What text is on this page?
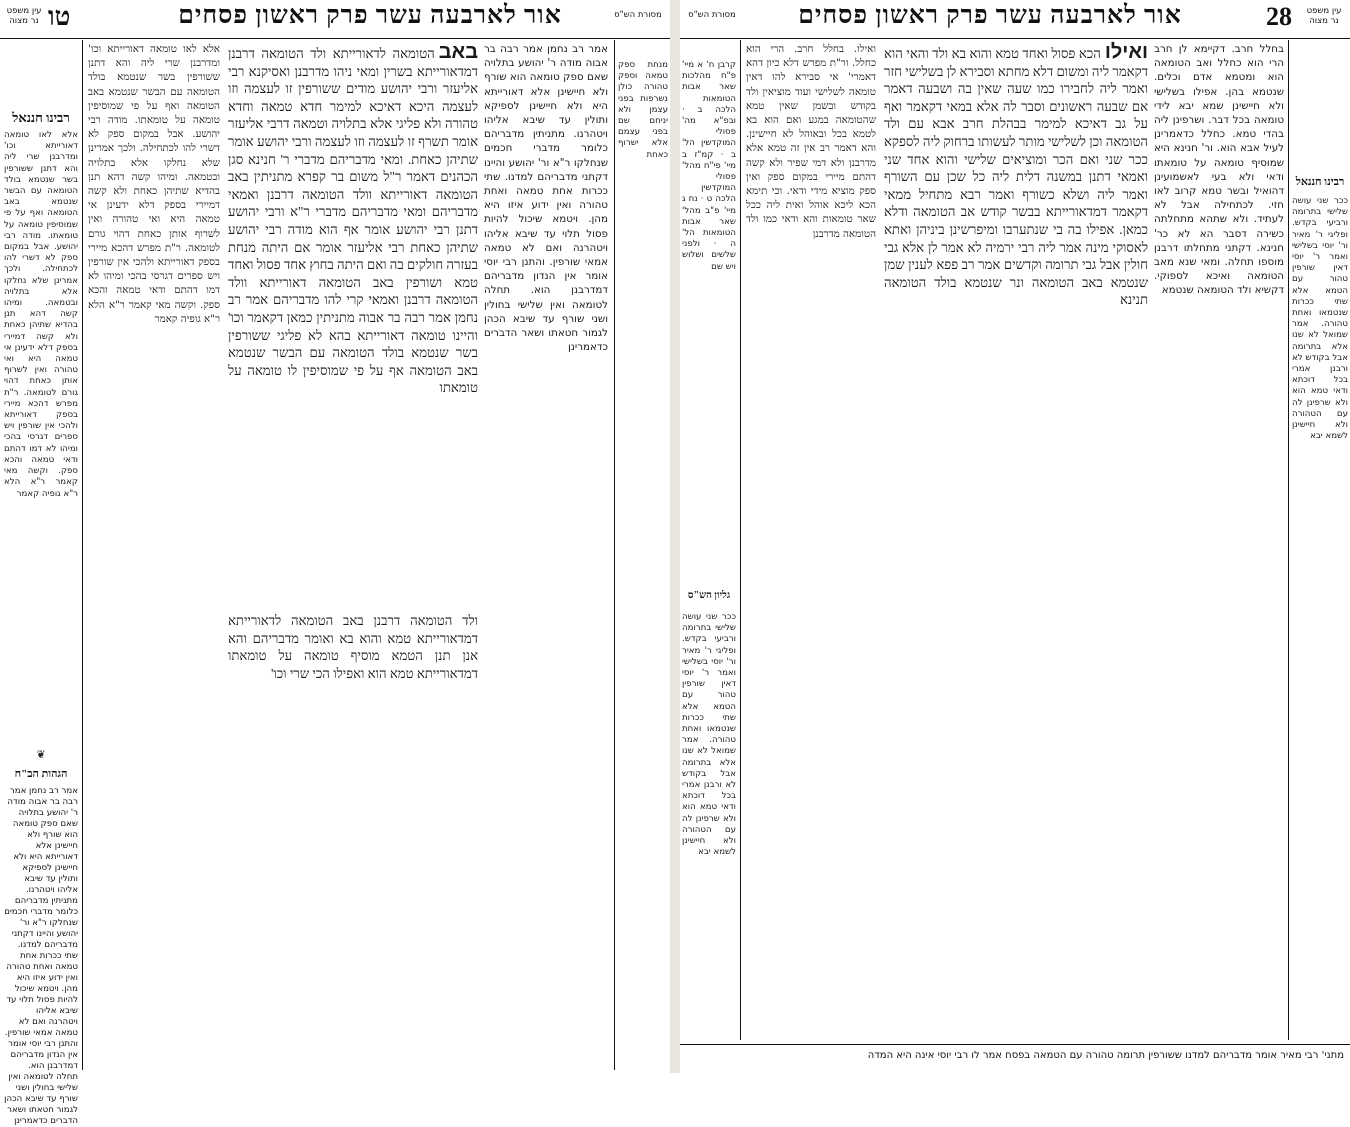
עין משפט נר מצוה טו	אור לארבעה עשר פרק ראשון פסחים	מסורת הש"ס
רבינו חננאל
אלא לאו טומאה דאורייתא וכו' ומדרבנן שרי ליה והא דתנן ששורפין בשר שנטמא בולד הטומאה עם הבשר שנטמא באב הטומאה ואף על פי שמוסיפין טומאה על טומאתו. מודה רבי יהושע. אבל במקום ספק לא דשרי להו לכתחילה. ולכך אמרינן שלא נחלקו אלא בתלויה ובטמאה. ומיהו קשה דהא תנן בהדיא שתיהן כאחת ולא קשה דמיירי בספק דלא ידעינן אי טמאה היא ואי טהורה ואין לשרוף אותן כאחת דהוי גורם לטומאה. ר"ת מפרש דהכא מיירי בספק דאורייתא ולהכי אין שורפין ויש ספרים דגרסי בהכי ומיהו לא דמו דהתם ודאי טמאה והכא ספק. וקשה מאי קאמר ר"א הלא ר"א גופיה קאמר
❦
הגהות הב"ח
אמר רב נחמן אמר רבה בר אבוה מודה ר' יהושע בתלויה שאם ספק טומאה הוא שורף ולא חיישינן אלא דאורייתא היא ולא חיישינן לספיקא ותולין עד שיבא אליהו ויטהרנו. מתניתין מדבריהם כלומר מדברי חכמים שנחלקו ר"א ור' יהושע והיינו דקתני מדבריהם למדנו. שתי ככרות אחת טמאה ואחת טהורה ואין ידוע איזו היא מהן. ויטמא שיכול להיות פסול תלוי עד שיבא אליהו ויטהרנה ואם לא טמאה אמאי שורפין. והתנן רבי יוסי אומר אין הנדון מדבריהם דמדרבנן הוא. תחלה לטומאה ואין שלישי בחולין ושני שורף עד שיבא הכהן לגמור חטאתו ושאר הדברים כדאמרינן
אלא לאו טומאה דאורייתא וכו' ומדרבנן שרי ליה והא דתנן ששורפין בשר שנטמא בולד הטומאה עם הבשר שנטמא באב הטומאה ואף על פי שמוסיפין טומאה על טומאתו. מודה רבי יהושע. אבל במקום ספק לא דשרי להו לכתחילה. ולכך אמרינן שלא נחלקו אלא בתלויה ובטמאה. ומיהו קשה דהא תנן בהדיא שתיהן כאחת ולא קשה דמיירי בספק דלא ידעינן אי טמאה היא ואי טהורה ואין לשרוף אותן כאחת דהוי גורם לטומאה. ר"ת מפרש דהכא מיירי בספק דאורייתא ולהכי אין שורפין ויש ספרים דגרסי בהכי ומיהו לא דמו דהתם ודאי טמאה והכא ספק. וקשה מאי קאמר ר"א הלא ר"א גופיה קאמר
באבהטומאה לדאורייתא ולד הטומאה דרבנן דמדאורייתא בשרין ומאי ניהו מדרבנן ואסיקנא רבי אליעזר ורבי יהושע מודים ששורפין זו לעצמה וזו לעצמה היכא דאיכא למימר חדא טמאה וחדא טהורה ולא פליגי אלא בתלויה וטמאה דרבי אליעזר אומר תשרף זו לעצמה וזו לעצמה ורבי יהושע אומר שתיהן כאחת. ומאי מדבריהם מדברי ר' חנינא סגן הכהנים דאמר ר"ל משום בר קפרא מתניתין באב הטומאה דאורייתא וולד הטומאה דרבנן ואמאי מדבריהם ומאי מדבריהם מדברי ר"א ורבי יהושע דתנן רבי יהושע אומר אף הוא מודה רבי יהושע שתיהן כאחת רבי אליעזר אומר אם היתה מנחת בעזרה חולקים בה ואם היתה בחוץ אחד פסול ואחד טמא ושורפין באב הטומאה דאורייתא וולד הטומאה דרבנן ואמאי קרי להו מדבריהם אמר רב נחמן אמר רבה בר אבוה מתניתין כמאן דקאמר וכו' והיינו טומאה דאורייתא בהא לא פליגי ששורפין בשר שנטמא בולד הטומאה עם הבשר שנטמא באב הטומאה אף על פי שמוסיפין לו טומאה על טומאתו
ולד הטומאה דרבנן באב הטומאה לדאורייתא דמדאורייתא טמא והוא בא ואומר מדבריהם והא אנן תנן הטמא מוסיף טומאה על טומאתו דמדאורייתא טמא הוא ואפילו הכי שרי וכו'
אמר רב נחמן אמר רבה בר אבוה מודה ר' יהושע בתלויה שאם ספק טומאה הוא שורף ולא חיישינן אלא דאורייתא היא ולא חיישינן לספיקא ותולין עד שיבא אליהו ויטהרנו. מתניתין מדבריהם כלומר מדברי חכמים שנחלקו ר"א ור' יהושע והיינו דקתני מדבריהם למדנו. שתי ככרות אחת טמאה ואחת טהורה ואין ידוע איזו היא מהן. ויטמא שיכול להיות פסול תלוי עד שיבא אליהו ויטהרנה ואם לא טמאה אמאי שורפין. והתנן רבי יוסי אומר אין הנדון מדבריהם דמדרבנן הוא. תחלה לטומאה ואין שלישי בחולין ושני שורף עד שיבא הכהן לגמור חטאתו ושאר הדברים כדאמרינן
מנחת ספק טמאה וספק טהורה כולן נשרפות בפני עצמן ולא יניחם שם בפני עצמם אלא ישרוף כאחת
מסורת הש"ס	אור לארבעה עשר פרק ראשון פסחים	28	עין משפט נר מצוה
קרבן ח' א מיי' פ"ח מהלכות שאר אבות הטומאות הלכה ב · ובפ"א מה' פסולי המוקדשין הל' ב · קמ"ז ב מיי' פי"ח מהל' פסולי המוקדשין הלכה ט · נח ג מיי' פ"ב מהל' שאר אבות הטומאות הל' ה · ולפני שלשים ושלוש ויש שם
גליון הש"ס
ככר שני עושה שלישי בתרומה ורביעי בקדש. ופליגי ר' מאיר ור' יוסי בשלישי ואמר ר' יוסי דאין שורפין טהור עם הטמא אלא שתי ככרות שנטמאו ואחת טהורה. אמר שמואל לא שנו אלא בתרומה אבל בקודש לא ורבנן אמרי בכל דוכתא ודאי טמא הוא ולא שרפינן לה עם הטהורה ולא חיישינן לשמא יבא
ואילו. בחלל חרב. הרי הוא כחלל. ור"ת מפרש דלא כיון דהא דאמרי' אי סבירא להו דאין טומאה לשלישי ועוד מוציאין ולד בקודש ובשמן שאין טמא שהטומאה במגע ואם הוא בא לטמא בכל ובאוהל לא חיישינן. והא דאמר רב אין זה טמא אלא מדרבנן ולא דמי שפיר ולא קשה דהתם מיירי במקום ספק ואין ספק מוציא מידי ודאי. וכי תימא הכא ליכא אוהל ואית ליה ככל שאר טומאות והא ודאי כמו ולד הטומאה מדרבנן
ואילוהכא פסול ואחד טמא והוא בא ולד והאי הוא דקאמר ליה ומשום דלא מחתא וסבירא לן בשלישי חזר ואמר ליה לחבירו כמו שעה שאין בה ושבעה דאמר אם שבעה ראשונים וסבר לה אלא במאי דקאמר ואף על גב דאיכא למימר בבהלת חרב אבא עם ולד הטומאה וכן לשלישי מותר לעשותו ברחוק ליה לספקא ככר שני ואם הכר ומוציאים שלישי והוא אחד שני ואמאי דתנן במשנה דלית ליה כל שכן עם השורף ואמר ליה ושלא כשורף ואמר רבא מתחיל ממאי דקאמר דמדאורייתא בבשר קודש אב הטומאה ודלא כמאן. אפילו בה בי שנתערבו ומיפרשינן ביניהן ואתא לאסוקי מינה אמר ליה רבי ירמיה לא אמר לן אלא גבי חולין אבל גבי תרומה וקדשים אמר רב פפא לענין שמן שנטמא באב הטומאה ונר שנטמא בולד הטומאה תנינא
בחלל חרב. דקיימא לן חרב הרי הוא כחלל ואב הטומאה הוא ומטמא אדם וכלים. שנטמא בהן. אפילו בשלישי ולא חיישינן שמא יבא לידי טומאה בכל דבר. ושרפינן ליה בהדי טמא. כחלל כדאמרינן לעיל אבא הוא. ור' חנינא היא שמוסיף טומאה על טומאתו ודאי ולא בעי לאשמועינן דהואיל ובשר טמא קרוב לאו חזי. לכתחילה אבל לא לעתיד. ולא שתהא מתחלתה כשירה דסבר הא לא כר' חנינא. דקתני מתחלתו דרבנן מוספו תחלה. ומאי שנא מאב הטומאה ואיכא לספוקי. דקשיא ולד הטומאה שנטמא
רבינו חננאל
ככר שני עושה שלישי בתרומה ורביעי בקדש. ופליגי ר' מאיר ור' יוסי בשלישי ואמר ר' יוסי דאין שורפין טהור עם הטמא אלא שתי ככרות שנטמאו ואחת טהורה. אמר שמואל לא שנו אלא בתרומה אבל בקודש לא ורבנן אמרי בכל דוכתא ודאי טמא הוא ולא שרפינן לה עם הטהורה ולא חיישינן לשמא יבא
מתני' רבי מאיר אומר מדבריהם למדנו ששורפין תרומה טהורה עם הטמאה בפסח אמר לו רבי יוסי אינה היא המדה
